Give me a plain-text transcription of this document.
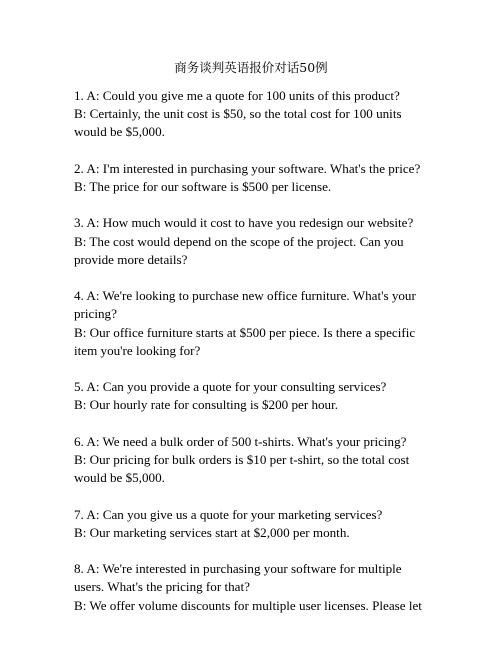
商务谈判英语报价对话50例
1. A: Could you give me a quote for 100 units of this product?
B: Certainly, the unit cost is $50, so the total cost for 100 units would be $5,000.
2. A: I'm interested in purchasing your software. What's the price?
B: The price for our software is $500 per license.
3. A: How much would it cost to have you redesign our website?
B: The cost would depend on the scope of the project. Can you provide more details?
4. A: We're looking to purchase new office furniture. What's your pricing?
B: Our office furniture starts at $500 per piece. Is there a specific item you're looking for?
5. A: Can you provide a quote for your consulting services?
B: Our hourly rate for consulting is $200 per hour.
6. A: We need a bulk order of 500 t-shirts. What's your pricing?
B: Our pricing for bulk orders is $10 per t-shirt, so the total cost would be $5,000.
7. A: Can you give us a quote for your marketing services?
B: Our marketing services start at $2,000 per month.
8. A: We're interested in purchasing your software for multiple users. What's the pricing for that?
B: We offer volume discounts for multiple user licenses. Please let
